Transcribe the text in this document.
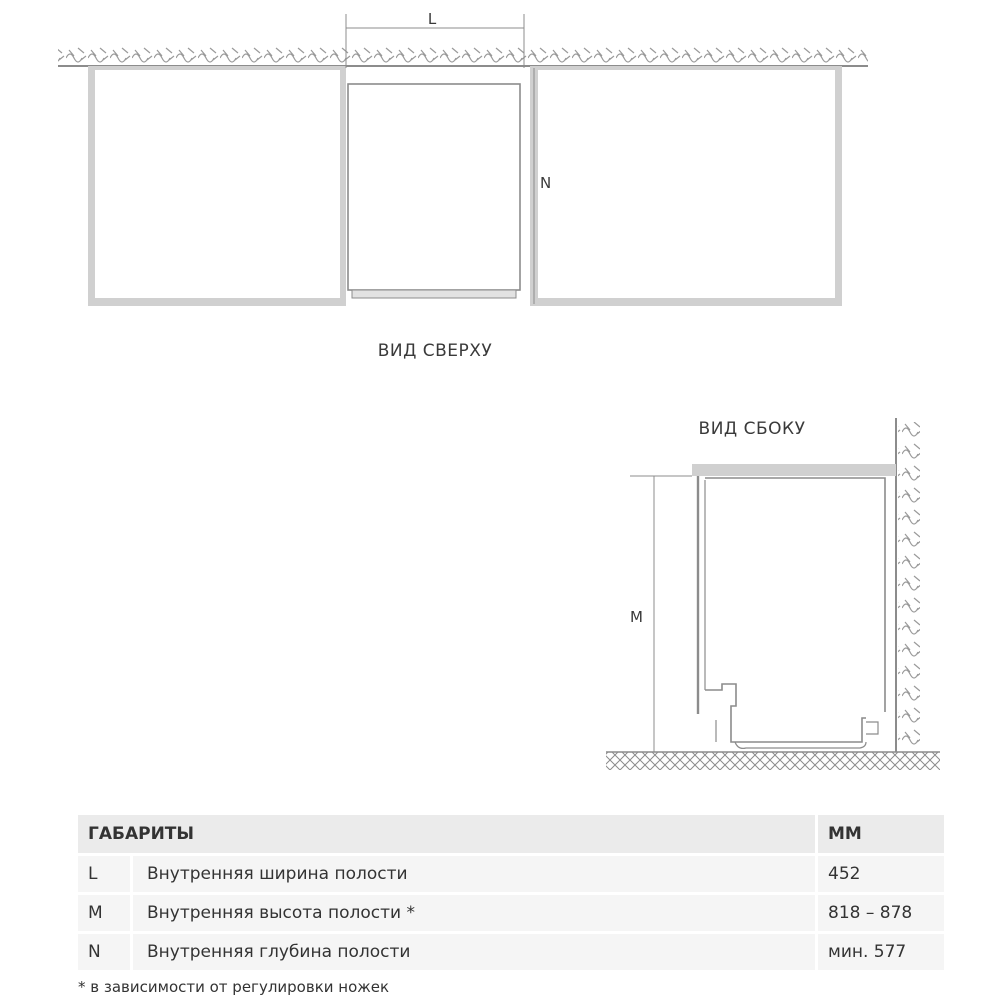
L
N
ВИД СВЕРХУ
ВИД СБОКУ
M
ГАБАРИТЫ		ММ
L	Внутренняя ширина полости	452
M	Внутренняя высота полости *	818 – 878
N	Внутренняя глубина полости	мин. 577
* в зависимости от регулировки ножек
